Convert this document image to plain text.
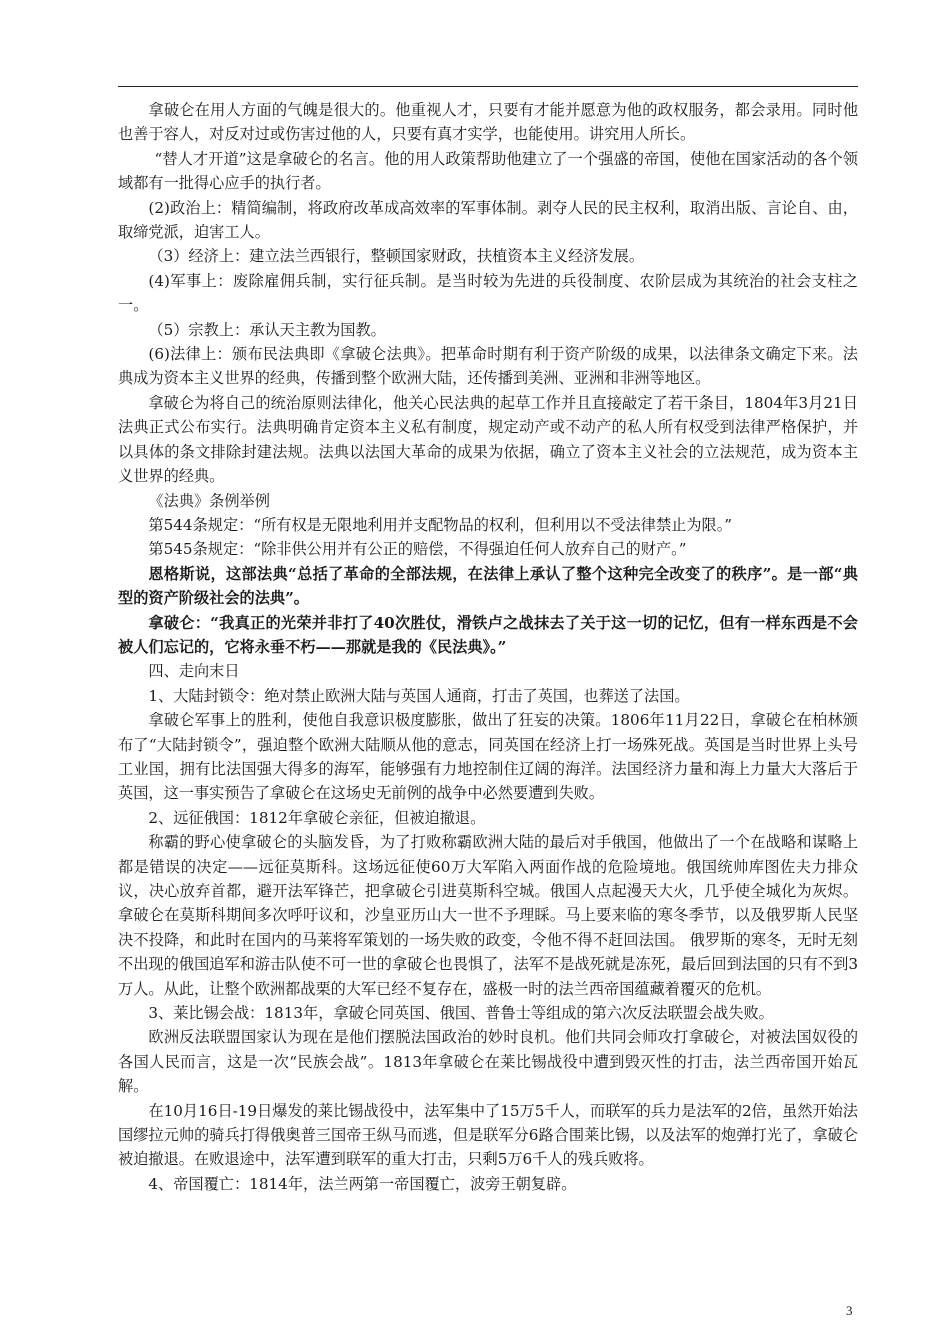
拿破仑在用人方面的气魄是很大的。他重视人才，只要有才能并愿意为他的政权服务，都会录用。同时他也善于容人，对反对过或伤害过他的人，只要有真才实学，也能使用。讲究用人所长。

“替人才开道”这是拿破仑的名言。他的用人政策帮助他建立了一个强盛的帝国，使他在国家活动的各个领域都有一批得心应手的执行者。

(2)政治上：精简编制，将政府改革成高效率的军事体制。剥夺人民的民主权利，取消出版、言论自、由，取缔党派，迫害工人。

（3）经济上：建立法兰西银行，整顿国家财政，扶植资本主义经济发展。

(4)军事上：废除雇佣兵制，实行征兵制。是当时较为先进的兵役制度、农阶层成为其统治的社会支柱之一。

（5）宗教上：承认天主教为国教。

(6)法律上：颁布民法典即《拿破仑法典》。把革命时期有利于资产阶级的成果，以法律条文确定下来。法典成为资本主义世界的经典，传播到整个欧洲大陆，还传播到美洲、亚洲和非洲等地区。

拿破仑为将自己的统治原则法律化，他关心民法典的起草工作并且直接敲定了若干条目，1804年3月21日法典正式公布实行。法典明确肯定资本主义私有制度，规定动产或不动产的私人所有权受到法律严格保护，并以具体的条文排除封建法规。法典以法国大革命的成果为依据，确立了资本主义社会的立法规范，成为资本主义世界的经典。

《法典》条例举例

第544条规定：“所有权是无限地利用并支配物品的权利，但利用以不受法律禁止为限。”

第545条规定：“除非供公用并有公正的赔偿，不得强迫任何人放弃自己的财产。”

恩格斯说，这部法典“总括了革命的全部法规，在法律上承认了整个这种完全改变了的秩序”。是一部“典型的资产阶级社会的法典”。

拿破仑：“我真正的光荣并非打了40次胜仗，滑铁卢之战抹去了关于这一切的记忆，但有一样东西是不会被人们忘记的，它将永垂不朽——那就是我的《民法典》。”

四、走向末日

1、大陆封锁令：绝对禁止欧洲大陆与英国人通商，打击了英国，也葬送了法国。

拿破仑军事上的胜利，使他自我意识极度膨胀，做出了狂妄的决策。1806年11月22日，拿破仑在柏林颁布了“大陆封锁令”，强迫整个欧洲大陆顺从他的意志，同英国在经济上打一场殊死战。英国是当时世界上头号工业国，拥有比法国强大得多的海军，能够强有力地控制住辽阔的海洋。法国经济力量和海上力量大大落后于英国，这一事实预告了拿破仑在这场史无前例的战争中必然要遭到失败。

2、远征俄国：1812年拿破仑亲征，但被迫撤退。

称霸的野心使拿破仑的头脑发昏，为了打败称霸欧洲大陆的最后对手俄国，他做出了一个在战略和谋略上都是错误的决定——远征莫斯科。这场远征使60万大军陷入两面作战的危险境地。俄国统帅库图佐夫力排众议，决心放弃首都，避开法军锋芒，把拿破仑引进莫斯科空城。俄国人点起漫天大火，几乎使全城化为灰烬。拿破仑在莫斯科期间多次呼吁议和，沙皇亚历山大一世不予理睬。马上要来临的寒冬季节，以及俄罗斯人民坚决不投降，和此时在国内的马莱将军策划的一场失败的政变，令他不得不赶回法国。 俄罗斯的寒冬，无时无刻不出现的俄国追军和游击队使不可一世的拿破仑也畏惧了，法军不是战死就是冻死，最后回到法国的只有不到3万人。从此，让整个欧洲都战栗的大军已经不复存在，盛极一时的法兰西帝国蕴藏着覆灭的危机。

3、莱比锡会战：1813年，拿破仑同英国、俄国、普鲁士等组成的第六次反法联盟会战失败。

欧洲反法联盟国家认为现在是他们摆脱法国政治的妙时良机。他们共同会师攻打拿破仑，对被法国奴役的各国人民而言，这是一次“民族会战”。1813年拿破仑在莱比锡战役中遭到毁灭性的打击，法兰西帝国开始瓦解。

在10月16日-19日爆发的莱比锡战役中，法军集中了15万5千人，而联军的兵力是法军的2倍，虽然开始法国缪拉元帅的骑兵打得俄奥普三国帝王纵马而逃，但是联军分6路合围莱比锡，以及法军的炮弹打光了，拿破仑被迫撤退。在败退途中，法军遭到联军的重大打击，只剩5万6千人的残兵败将。

4、帝国覆亡：1814年，法兰两第一帝国覆亡，波旁王朝复辟。

3
